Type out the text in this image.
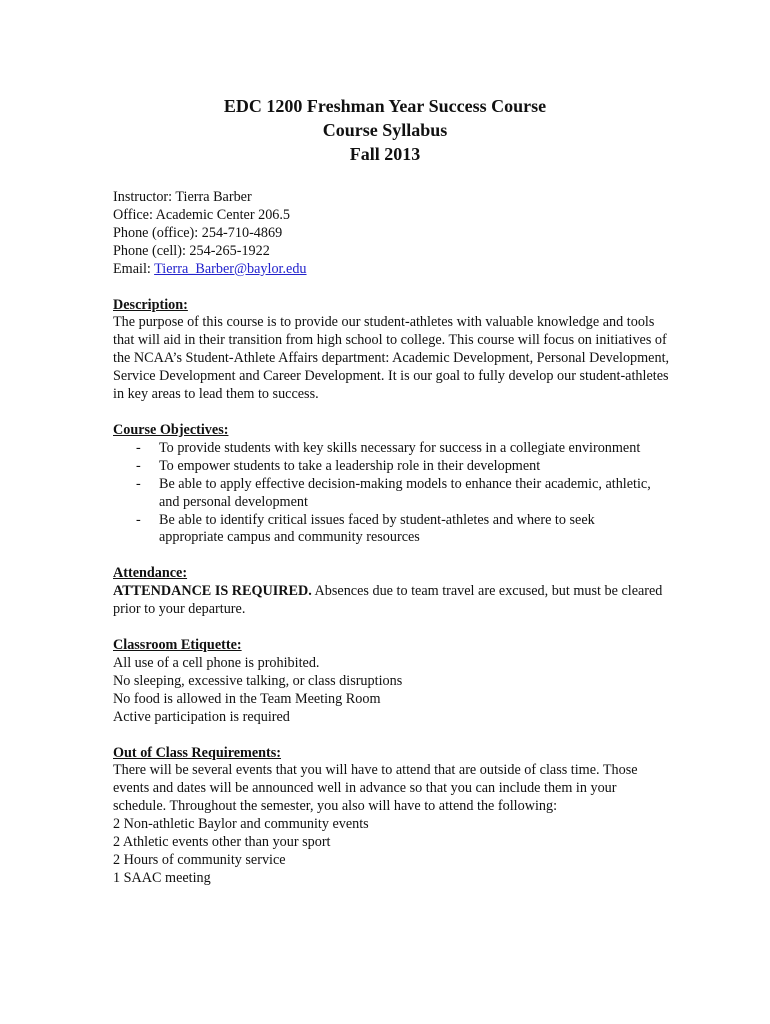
EDC 1200 Freshman Year Success Course
Course Syllabus
Fall 2013
Instructor: Tierra Barber
Office: Academic Center 206.5
Phone (office): 254-710-4869
Phone (cell): 254-265-1922
Email: Tierra_Barber@baylor.edu
Description:

The purpose of this course is to provide our student-athletes with valuable knowledge and tools that will aid in their transition from high school to college. This course will focus on initiatives of the NCAA’s Student-Athlete Affairs department: Academic Development, Personal Development, Service Development and Career Development. It is our goal to fully develop our student-athletes in key areas to lead them to success.

Course Objectives:
- To provide students with key skills necessary for success in a collegiate environment
- To empower students to take a leadership role in their development
- Be able to apply effective decision-making models to enhance their academic, athletic, and personal development
- Be able to identify critical issues faced by student-athletes and where to seek appropriate campus and community resources
Attendance:

ATTENDANCE IS REQUIRED. Absences due to team travel are excused, but must be cleared prior to your departure.

Classroom Etiquette:
All use of a cell phone is prohibited.
No sleeping, excessive talking, or class disruptions
No food is allowed in the Team Meeting Room
Active participation is required
Out of Class Requirements:

There will be several events that you will have to attend that are outside of class time. Those events and dates will be announced well in advance so that you can include them in your schedule. Throughout the semester, you also will have to attend the following:

2 Non-athletic Baylor and community events
2 Athletic events other than your sport
2 Hours of community service
1 SAAC meeting
